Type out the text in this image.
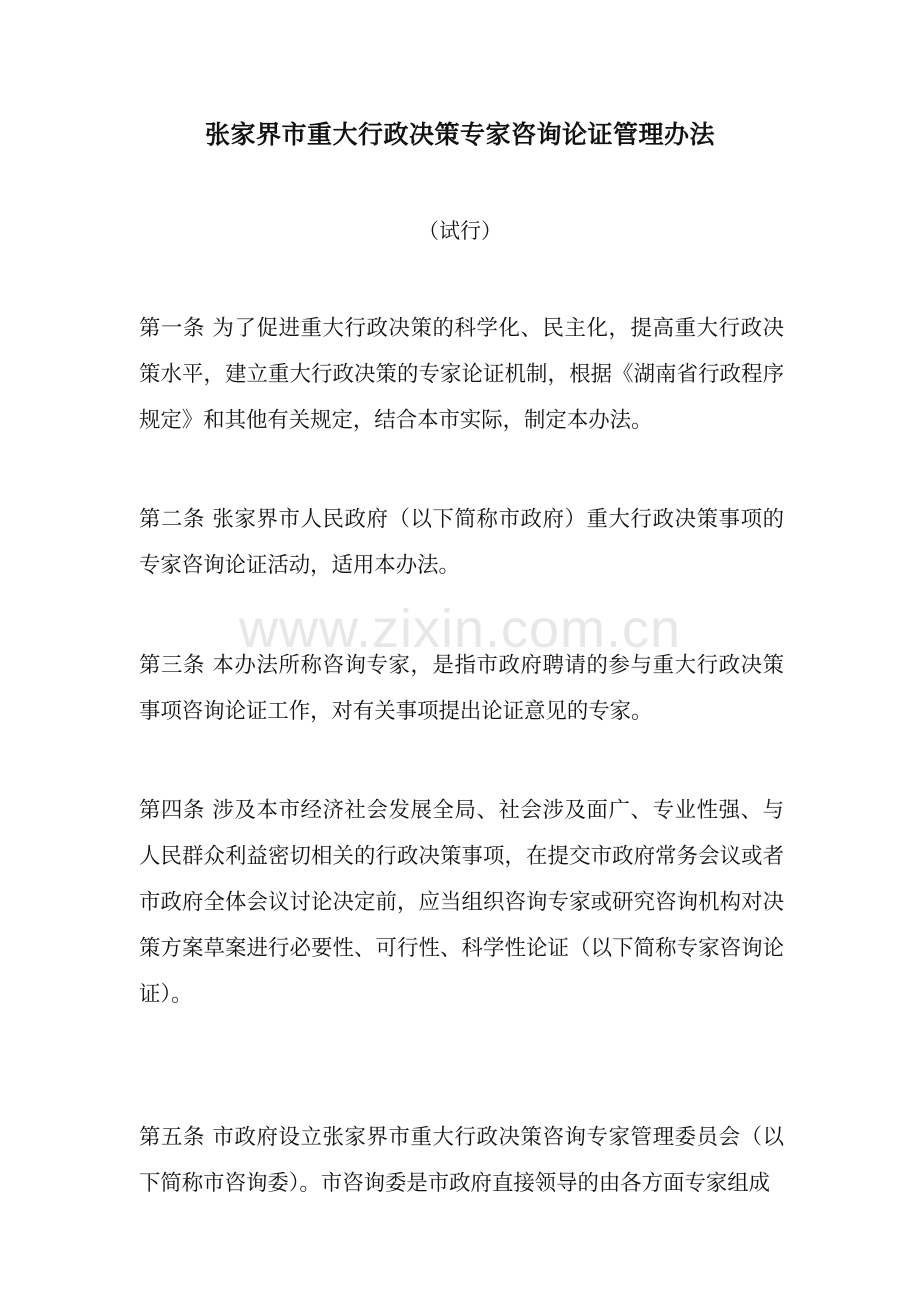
张家界市重大行政决策专家咨询论证管理办法
（试行）

第一条 为了促进重大行政决策的科学化、民主化，提高重大行政决策水平，建立重大行政决策的专家论证机制，根据《湖南省行政程序规定》和其他有关规定，结合本市实际，制定本办法。

第二条 张家界市人民政府（以下简称市政府）重大行政决策事项的专家咨询论证活动，适用本办法。

第三条 本办法所称咨询专家，是指市政府聘请的参与重大行政决策事项咨询论证工作，对有关事项提出论证意见的专家。

第四条 涉及本市经济社会发展全局、社会涉及面广、专业性强、与人民群众利益密切相关的行政决策事项，在提交市政府常务会议或者市政府全体会议讨论决定前，应当组织咨询专家或研究咨询机构对决策方案草案进行必要性、可行性、科学性论证（以下简称专家咨询论证）。

第五条 市政府设立张家界市重大行政决策咨询专家管理委员会（以下简称市咨询委）。市咨询委是市政府直接领导的由各方面专家组成

www.zixin.com.cn
